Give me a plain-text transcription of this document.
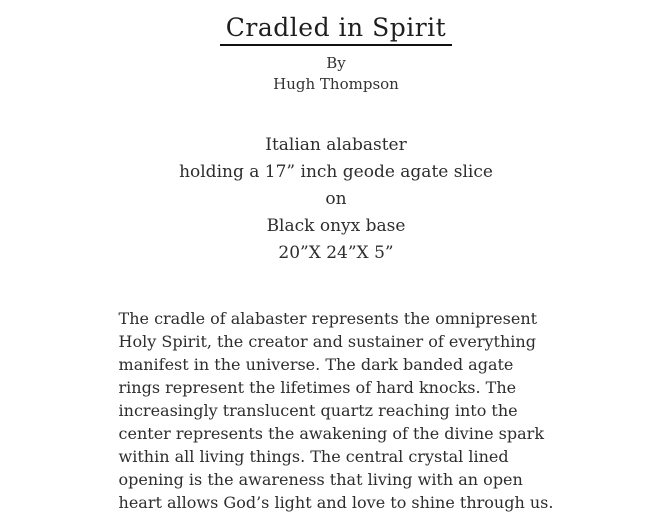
Cradled in Spirit
By
Hugh Thompson
Italian alabaster
holding a 17” inch geode agate slice
on
Black onyx base
20”X 24”X 5”
The cradle of alabaster represents the omnipresent
Holy Spirit, the creator and sustainer of everything
manifest in the universe. The dark banded agate
rings represent the lifetimes of hard knocks. The
increasingly translucent quartz reaching into the
center represents the awakening of the divine spark
within all living things. The central crystal lined
opening is the awareness that living with an open
heart allows God’s light and love to shine through us.
